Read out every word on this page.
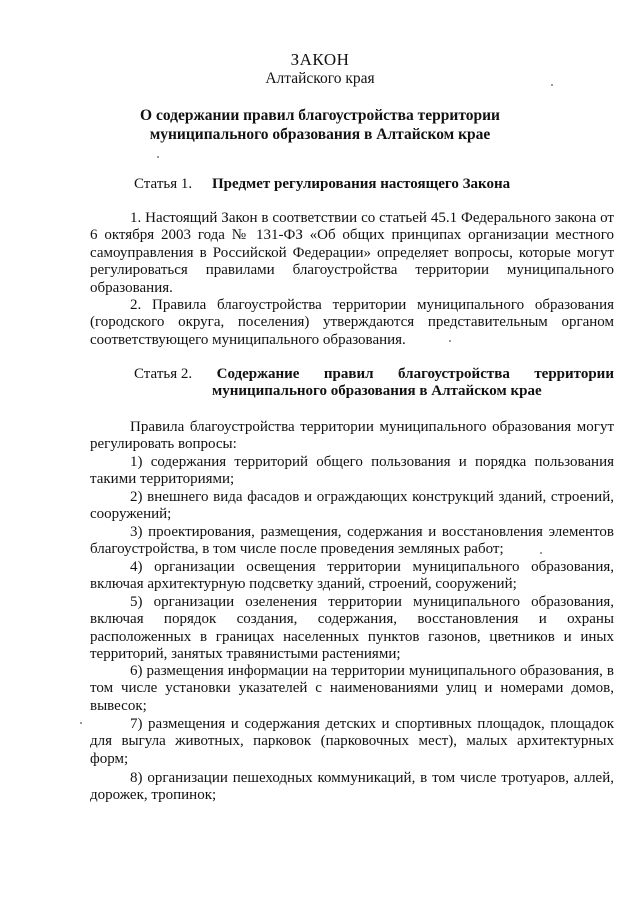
ЗАКОН
Алтайского края
О содержании правил благоустройства территории
муниципального образования в Алтайском крае
Статья 1. Предмет регулирования настоящего Закона
1. Настоящий Закон в соответствии со статьей 45.1 Федерального закона от 6 октября 2003 года № 131-ФЗ «Об общих принципах организации местного самоуправления в Российской Федерации» определяет вопросы, которые могут регулироваться правилами благоустройства территории муниципального образования.
2. Правила благоустройства территории муниципального образования (городского округа, поселения) утверждаются представительным органом соответствующего муниципального образования.
Статья 2. Содержание правил благоустройства территории
муниципального образования в Алтайском крае
Правила благоустройства территории муниципального образования могут регулировать вопросы:
1) содержания территорий общего пользования и порядка пользования такими территориями;
2) внешнего вида фасадов и ограждающих конструкций зданий, строений, сооружений;
3) проектирования, размещения, содержания и восстановления элементов благоустройства, в том числе после проведения земляных работ;
4) организации освещения территории муниципального образования, включая архитектурную подсветку зданий, строений, сооружений;
5) организации озеленения территории муниципального образования, включая порядок создания, содержания, восстановления и охраны расположенных в границах населенных пунктов газонов, цветников и иных территорий, занятых травянистыми растениями;
6) размещения информации на территории муниципального образования, в том числе установки указателей с наименованиями улиц и номерами домов, вывесок;
7) размещения и содержания детских и спортивных площадок, площадок для выгула животных, парковок (парковочных мест), малых архитектурных форм;
8) организации пешеходных коммуникаций, в том числе тротуаров, аллей, дорожек, тропинок;
